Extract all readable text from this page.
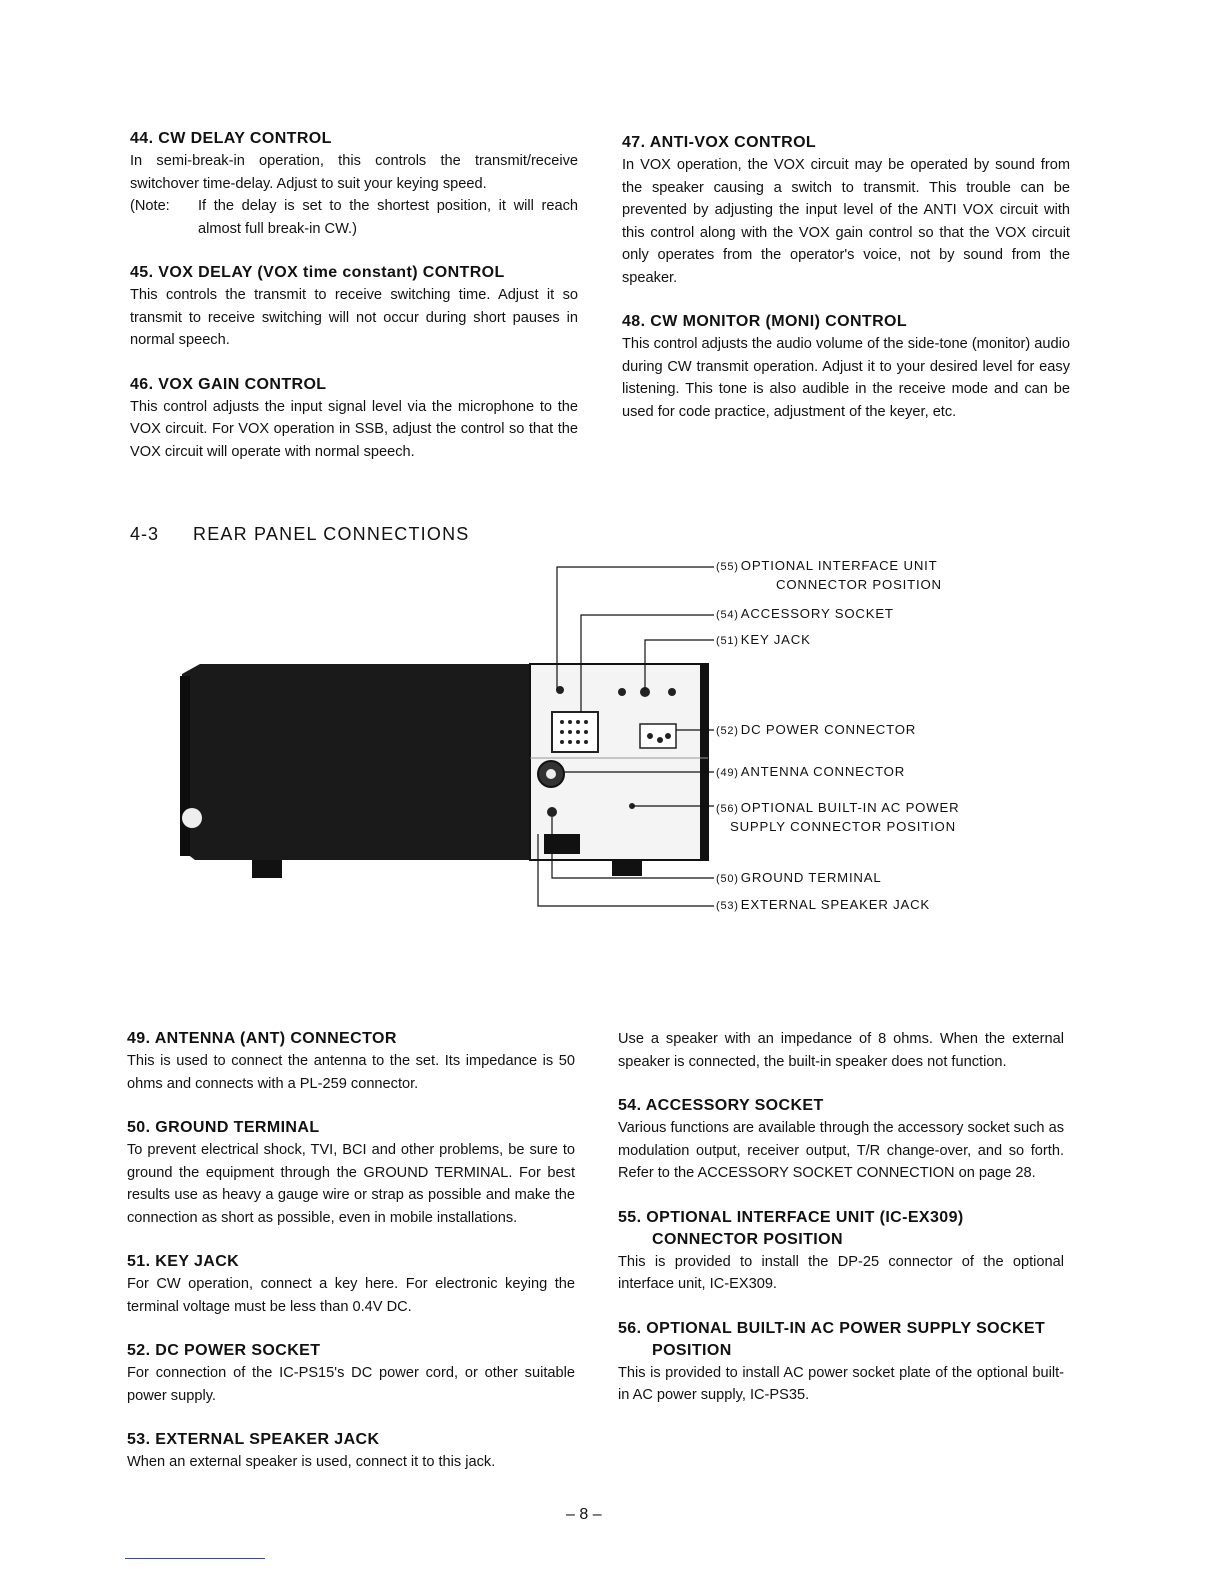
44. CW DELAY CONTROL

In semi-break-in operation, this controls the transmit/receive switchover time-delay. Adjust to suit your keying speed.

(Note:	If the delay is set to the shortest position, it will reach almost full break-in CW.)
45. VOX DELAY (VOX time constant) CONTROL

This controls the transmit to receive switching time. Adjust it so transmit to receive switching will not occur during short pauses in normal speech.

46. VOX GAIN CONTROL

This control adjusts the input signal level via the microphone to the VOX circuit. For VOX operation in SSB, adjust the control so that the VOX circuit will operate with normal speech.

47. ANTI-VOX CONTROL

In VOX operation, the VOX circuit may be operated by sound from the speaker causing a switch to transmit. This trouble can be prevented by adjusting the input level of the ANTI VOX circuit with this control along with the VOX gain control so that the VOX circuit only operates from the operator's voice, not by sound from the speaker.

48. CW MONITOR (MONI) CONTROL

This control adjusts the audio volume of the side-tone (monitor) audio during CW transmit operation. Adjust it to your desired level for easy listening. This tone is also audible in the receive mode and can be used for code practice, adjustment of the keyer, etc.

4-3 REAR PANEL CONNECTIONS
(55) OPTIONAL INTERFACE UNIT
CONNECTOR POSITION
(54) ACCESSORY SOCKET
(51) KEY JACK
(52) DC POWER CONNECTOR
(49) ANTENNA CONNECTOR
(56) OPTIONAL BUILT-IN AC POWER
SUPPLY CONNECTOR POSITION
(50) GROUND TERMINAL
(53) EXTERNAL SPEAKER JACK
49. ANTENNA (ANT) CONNECTOR

This is used to connect the antenna to the set. Its impedance is 50 ohms and connects with a PL-259 connector.

50. GROUND TERMINAL

To prevent electrical shock, TVI, BCI and other problems, be sure to ground the equipment through the GROUND TERMINAL. For best results use as heavy a gauge wire or strap as possible and make the connection as short as possible, even in mobile installations.

51. KEY JACK

For CW operation, connect a key here. For electronic keying the terminal voltage must be less than 0.4V DC.

52. DC POWER SOCKET

For connection of the IC-PS15's DC power cord, or other suitable power supply.

53. EXTERNAL SPEAKER JACK

When an external speaker is used, connect it to this jack.

Use a speaker with an impedance of 8 ohms. When the external speaker is connected, the built-in speaker does not function.

54. ACCESSORY SOCKET

Various functions are available through the accessory socket such as modulation output, receiver output, T/R change-over, and so forth. Refer to the ACCESSORY SOCKET CONNECTION on page 28.

55. OPTIONAL INTERFACE UNIT (IC-EX309) CONNECTOR POSITION

This is provided to install the DP-25 connector of the optional interface unit, IC-EX309.

56. OPTIONAL BUILT-IN AC POWER SUPPLY SOCKET POSITION

This is provided to install AC power socket plate of the optional built-in AC power supply, IC-PS35.

– 8 –
